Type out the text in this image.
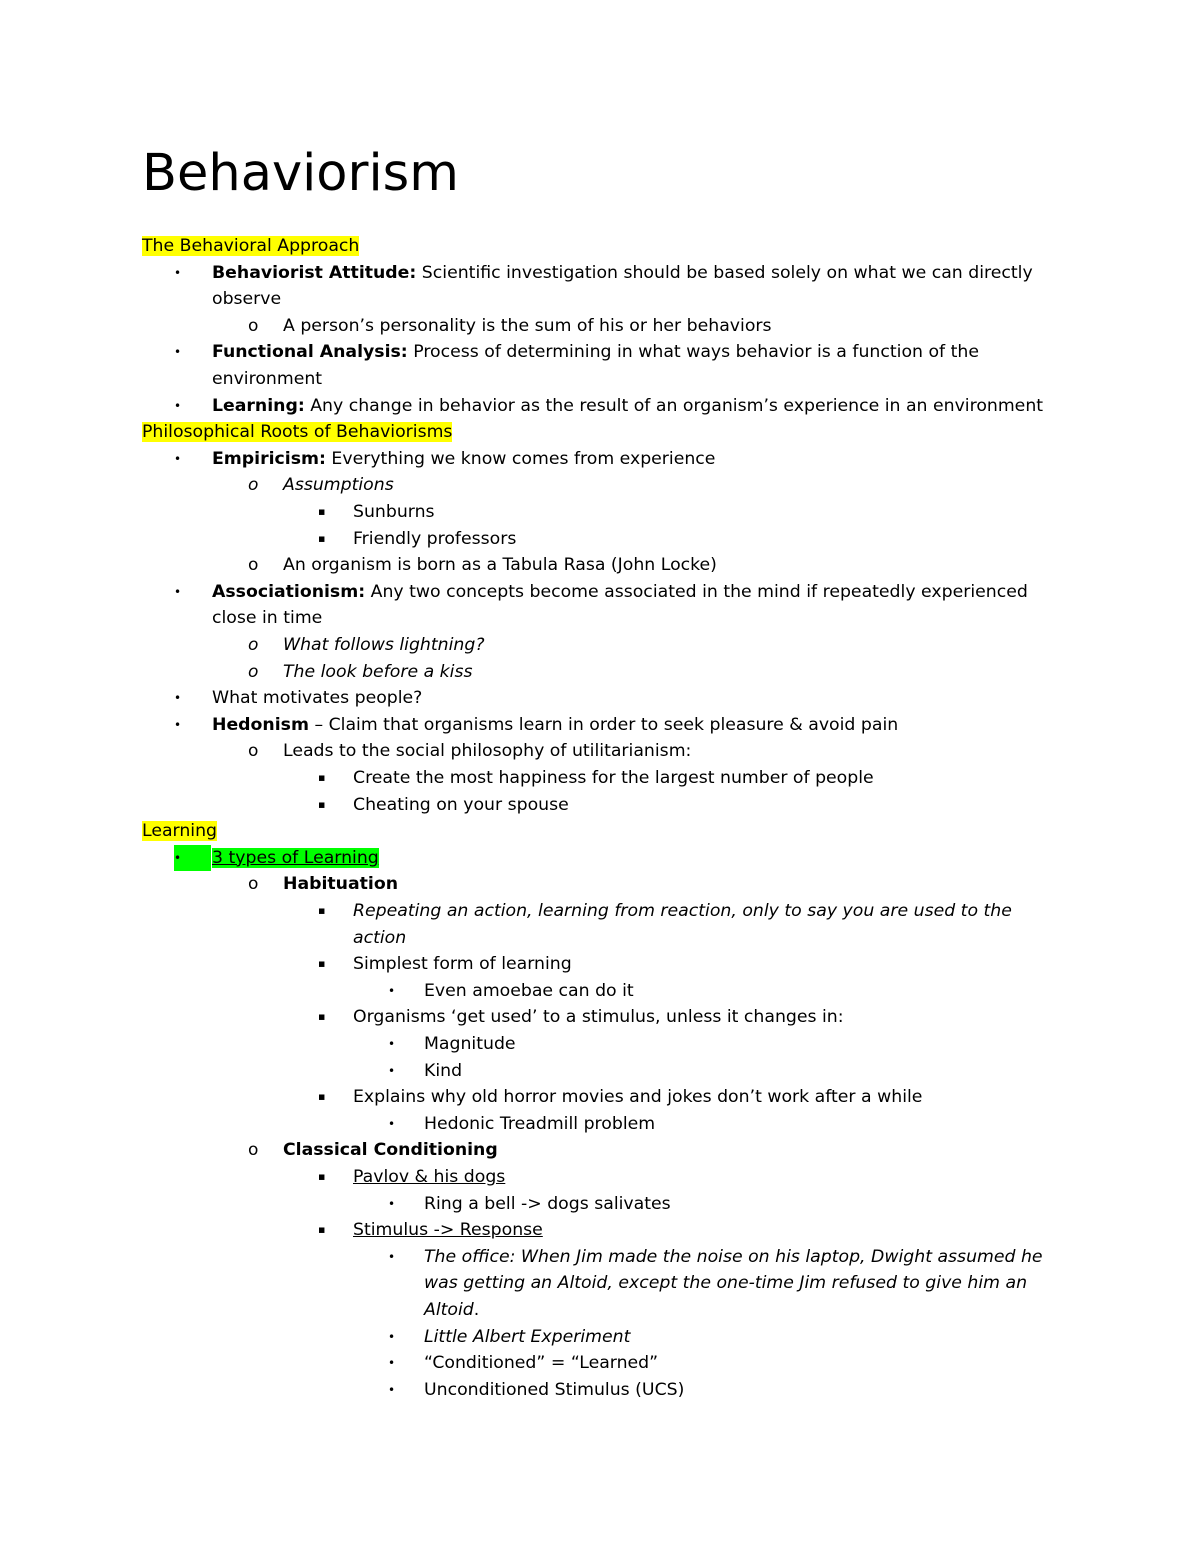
Behaviorism
The Behavioral Approach
• Behaviorist Attitude: Scientific investigation should be based solely on what we can directly
observe
o A person’s personality is the sum of his or her behaviors
• Functional Analysis: Process of determining in what ways behavior is a function of the
environment
• Learning: Any change in behavior as the result of an organism’s experience in an environment
Philosophical Roots of Behaviorisms
• Empiricism: Everything we know comes from experience
o Assumptions
▪ Sunburns
▪ Friendly professors
o An organism is born as a Tabula Rasa (John Locke)
• Associationism: Any two concepts become associated in the mind if repeatedly experienced
close in time
o What follows lightning?
o The look before a kiss
• What motivates people?
• Hedonism – Claim that organisms learn in order to seek pleasure & avoid pain
o Leads to the social philosophy of utilitarianism:
▪ Create the most happiness for the largest number of people
▪ Cheating on your spouse
Learning
•	3 types of Learning
o Habituation
▪ Repeating an action, learning from reaction, only to say you are used to the
action
▪ Simplest form of learning
• Even amoebae can do it
▪ Organisms ‘get used’ to a stimulus, unless it changes in:
• Magnitude
• Kind
▪ Explains why old horror movies and jokes don’t work after a while
• Hedonic Treadmill problem
o Classical Conditioning
▪ Pavlov & his dogs
• Ring a bell -> dogs salivates
▪ Stimulus -> Response
• The office: When Jim made the noise on his laptop, Dwight assumed he
was getting an Altoid, except the one-time Jim refused to give him an
Altoid.
• Little Albert Experiment
• “Conditioned” = “Learned”
• Unconditioned Stimulus (UCS)
